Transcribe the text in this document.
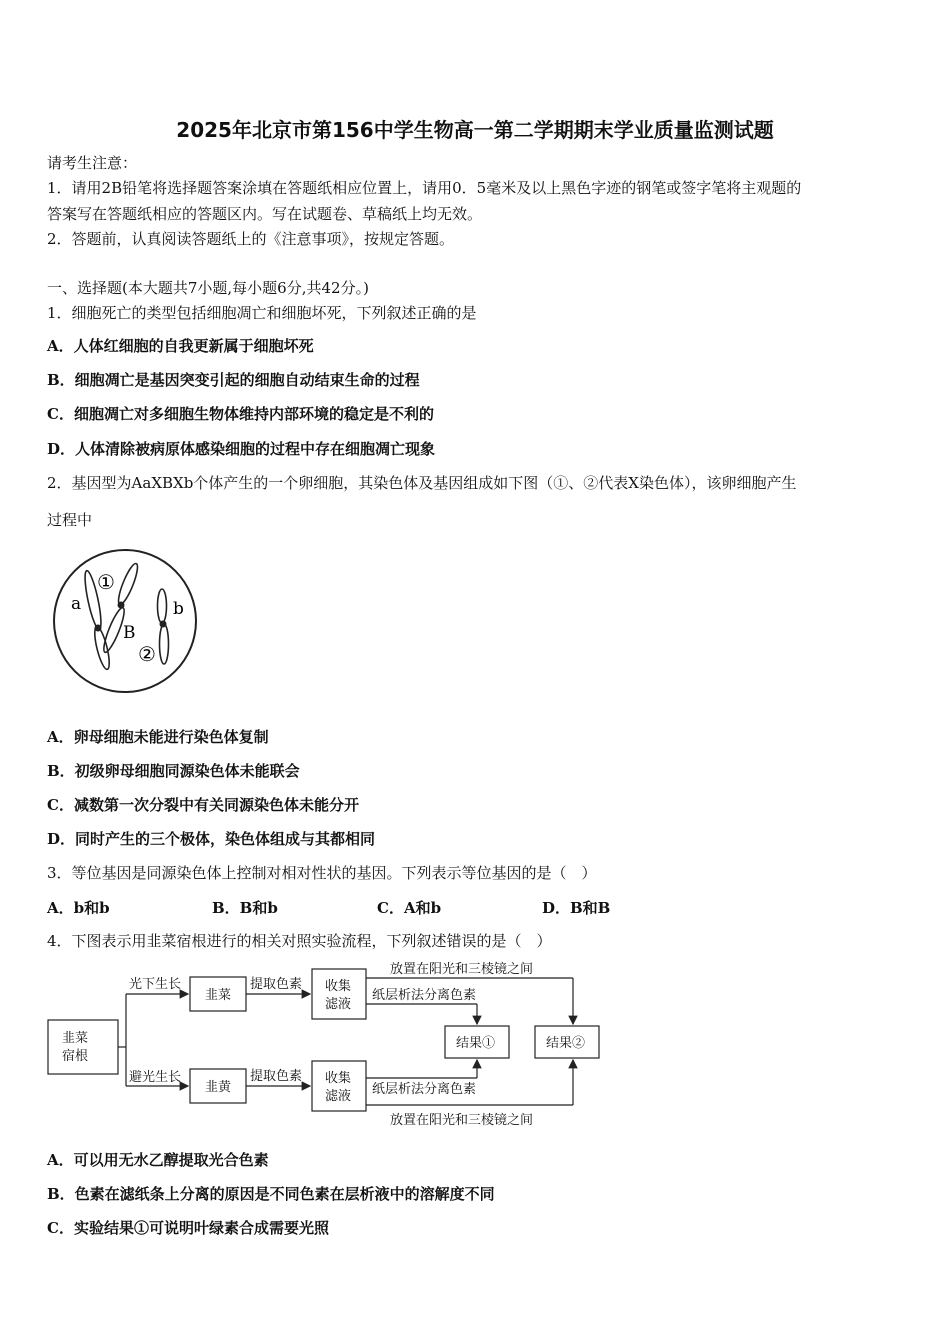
2025年北京市第156中学生物高一第二学期期末学业质量监测试题
请考生注意：
1．请用2B铅笔将选择题答案涂填在答题纸相应位置上，请用0．5毫米及以上黑色字迹的钢笔或签字笔将主观题的
答案写在答题纸相应的答题区内。写在试题卷、草稿纸上均无效。
2．答题前，认真阅读答题纸上的《注意事项》，按规定答题。
一、选择题(本大题共7小题,每小题6分,共42分。)
1．细胞死亡的类型包括细胞凋亡和细胞坏死，下列叙述正确的是
A．人体红细胞的自我更新属于细胞坏死
B．细胞凋亡是基因突变引起的细胞自动结束生命的过程
C．细胞凋亡对多细胞生物体维持内部环境的稳定是不利的
D．人体清除被病原体感染细胞的过程中存在细胞凋亡现象
2．基因型为AaXBXb个体产生的一个卵细胞，其染色体及基因组成如下图（①、②代表X染色体），该卵细胞产生
过程中
①
a
B
②
b
A．卵母细胞未能进行染色体复制
B．初级卵母细胞同源染色体未能联会
C．减数第一次分裂中有关同源染色体未能分开
D．同时产生的三个极体，染色体组成与其都相同
3．等位基因是同源染色体上控制对相对性状的基因。下列表示等位基因的是（　）
A．b和b	B．B和b	C．A和b	D．B和B
4．下图表示用韭菜宿根进行的相关对照实验流程，下列叙述错误的是（　）
韭菜
宿根
光下生长
避光生长
韭菜
韭黄
提取色素
提取色素
收集
滤液
收集
滤液
放置在阳光和三棱镜之间
纸层析法分离色素
纸层析法分离色素
放置在阳光和三棱镜之间
结果①	结果②
A．可以用无水乙醇提取光合色素
B．色素在滤纸条上分离的原因是不同色素在层析液中的溶解度不同
C．实验结果①可说明叶绿素合成需要光照
